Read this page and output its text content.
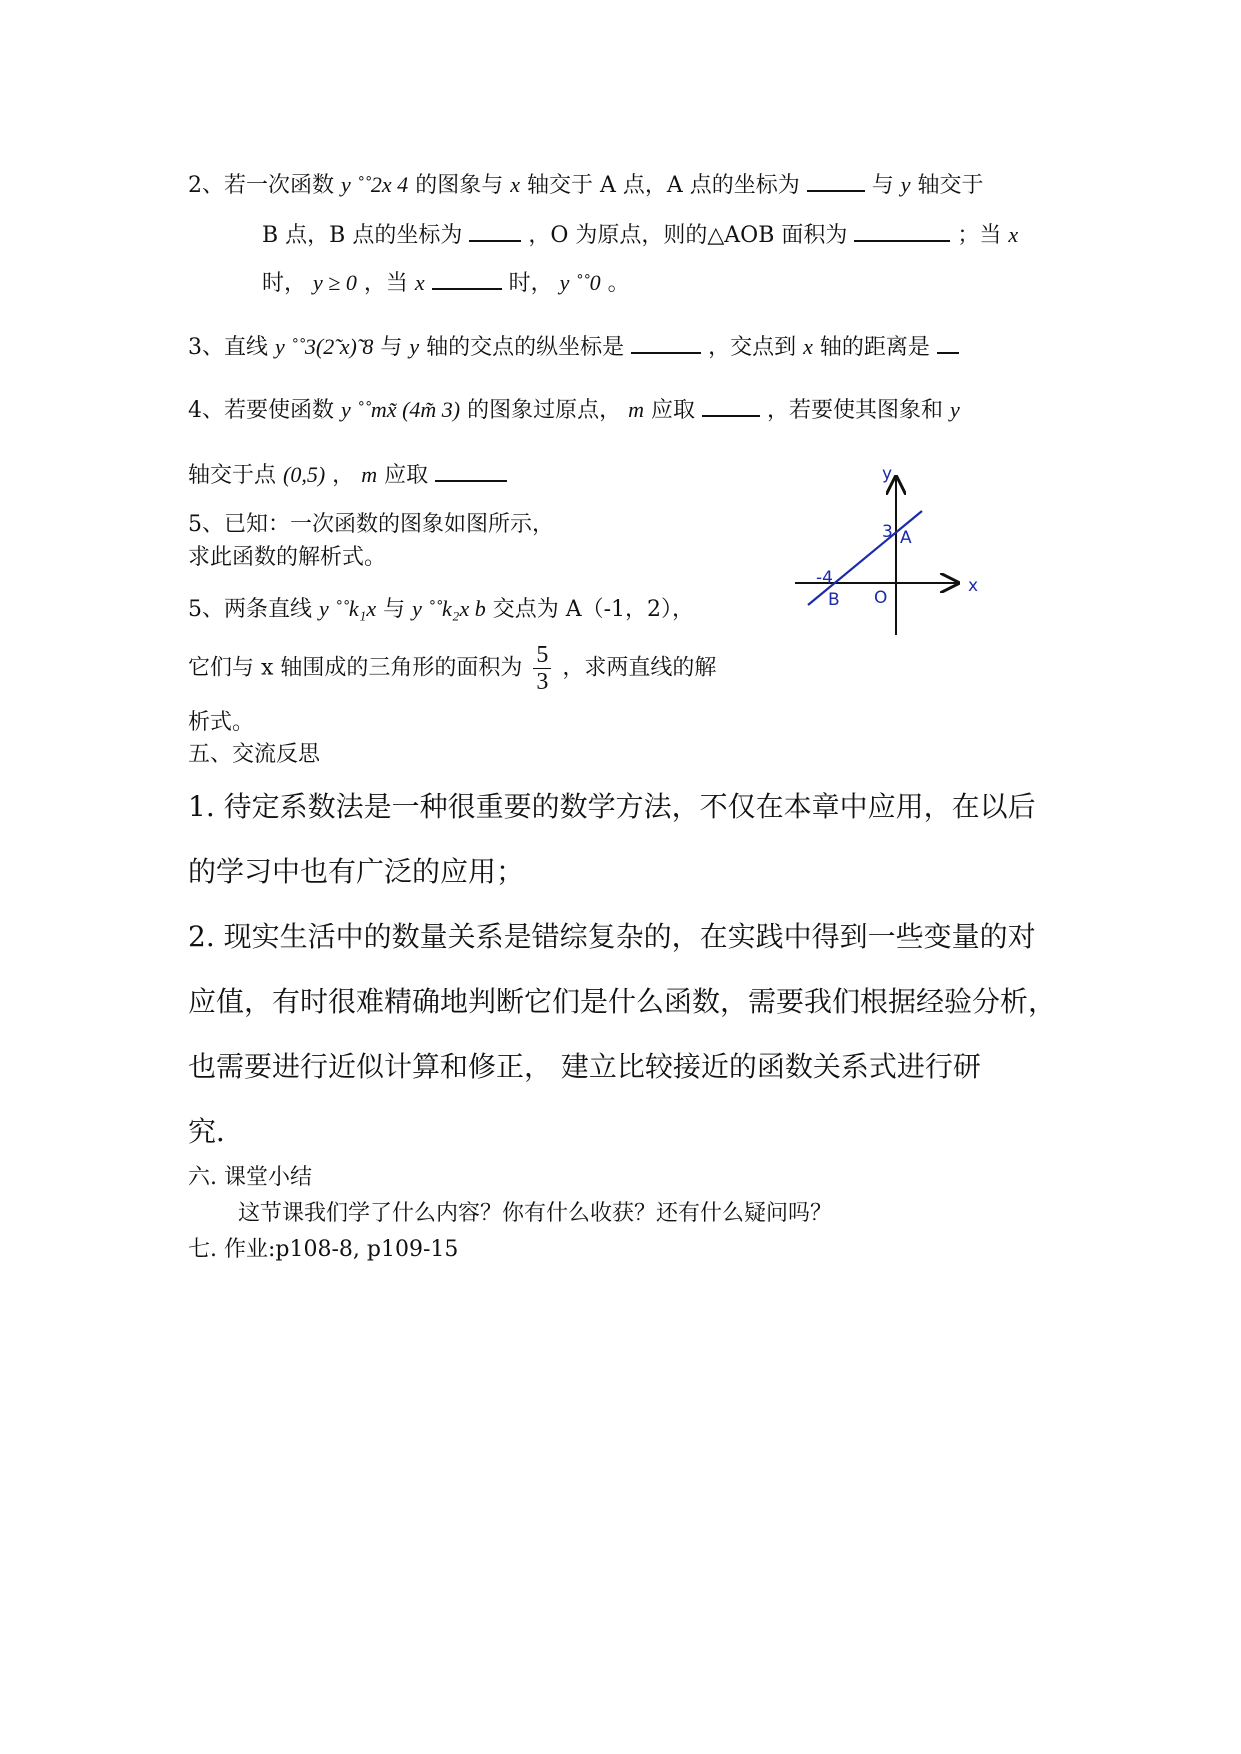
2、若一次函数 y ˚˚2x 4 的图象与 x 轴交于 A 点，A 点的坐标为	与 y 轴交于
B 点，B 点的坐标为	，O 为原点，则的△AOB 面积为	；当 x
时， y ≥ 0 ，当 x	时， y ˚˚0 。
3、直线 y ˚˚3(2̃ x)̃ 8 与 y 轴的交点的纵坐标是	，交点到 x 轴的距离是
4、若要使函数 y ˚˚mx̃ (4m̃ 3) 的图象过原点， m 应取	，若要使其图象和 y
轴交于点 (0,5) ， m 应取
5、已知：一次函数的图象如图所示，
求此函数的解析式。
y
x
3 A
-4
B O
5、两条直线 y ˚˚k₁x 与 y ˚˚k₂x b 交点为 A（-1，2），
它们与 x 轴围成的三角形的面积为 $\frac{5}{3}$ ，求两直线的解
析式。
五、交流反思
1. 待定系数法是一种很重要的数学方法，不仅在本章中应用，在以后
的学习中也有广泛的应用；
2. 现实生活中的数量关系是错综复杂的，在实践中得到一些变量的对
应值，有时很难精确地判断它们是什么函数，需要我们根据经验分析，
也需要进行近似计算和修正， 建立比较接近的函数关系式进行研
究．
六. 课堂小结
这节课我们学了什么内容？你有什么收获？还有什么疑问吗？
七. 作业:p108-8, p109-15
